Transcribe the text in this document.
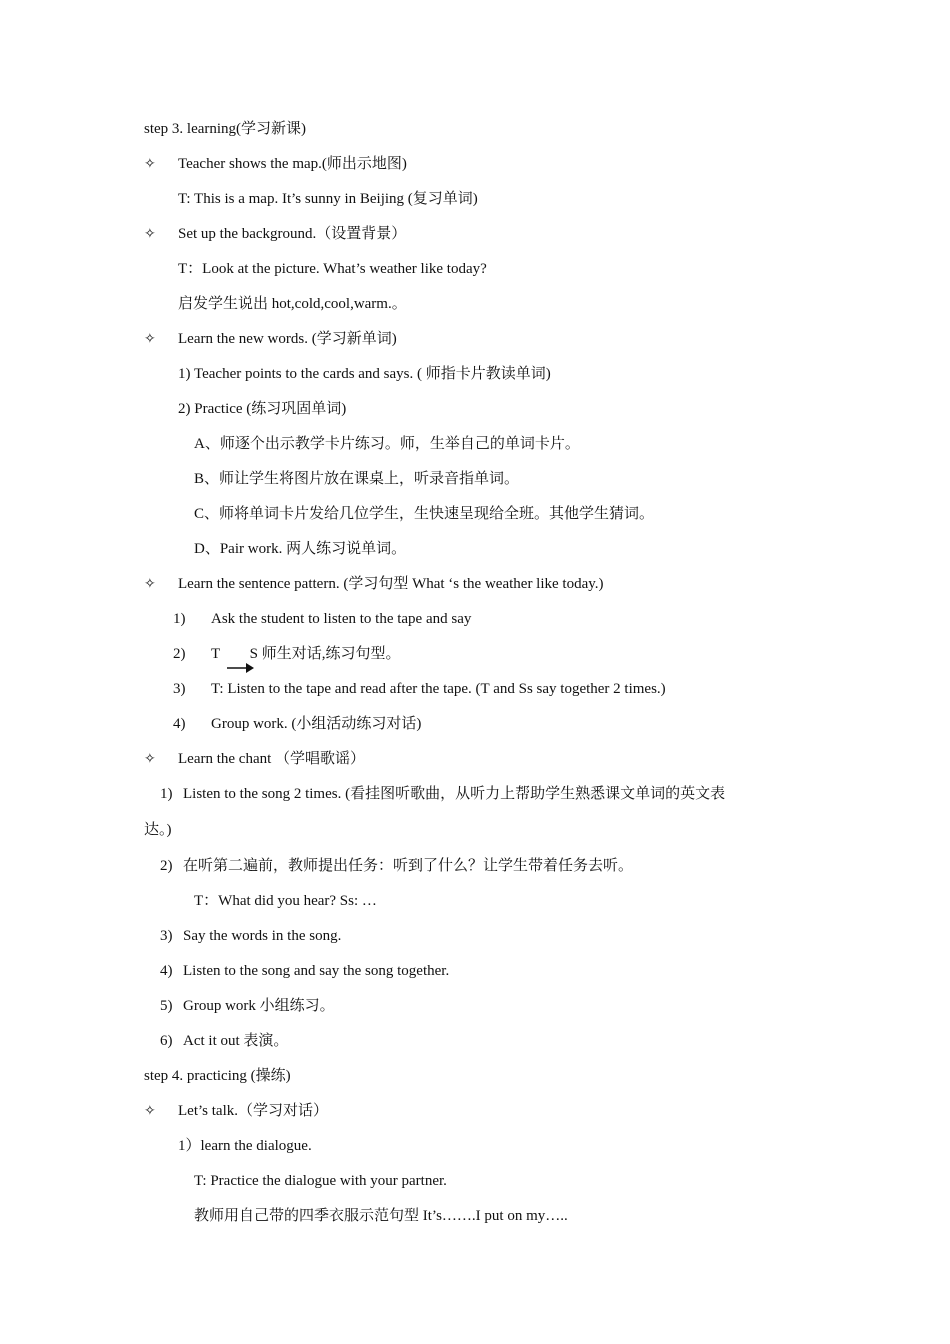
step 3. learning(学习新课)
✧ Teacher shows the map.(师出示地图)
T: This is a map. It’s sunny in Beijing (复习单词)
✧ Set up the background.（设置背景）
T：Look at the picture. What’s weather like today?
启发学生说出 hot,cold,cool,warm.。
✧ Learn the new words. (学习新单词)
1) Teacher points to the cards and says. ( 师指卡片教读单词)
2) Practice (练习巩固单词)
A、师逐个出示教学卡片练习。师，生举自己的单词卡片。
B、师让学生将图片放在课桌上，听录音指单词。
C、师将单词卡片发给几位学生，生快速呈现给全班。其他学生猜词。
D、Pair work. 两人练习说单词。
✧ Learn the sentence pattern. (学习句型 What ‘s the weather like today.)
1) Ask the student to listen to the tape and say
2) T S 师生对话,练习句型。
3) T: Listen to the tape and read after the tape. (T and Ss say together 2 times.)
4) Group work. (小组活动练习对话)
✧ Learn the chant （学唱歌谣）
1) Listen to the song 2 times. (看挂图听歌曲，从听力上帮助学生熟悉课文单词的英文表
达。)
2) 在听第二遍前，教师提出任务：听到了什么？让学生带着任务去听。
T：What did you hear? Ss: …
3) Say the words in the song.
4) Listen to the song and say the song together.
5) Group work 小组练习。
6) Act it out 表演。
step 4. practicing (操练)
✧ Let’s talk.（学习对话）
1）learn the dialogue.
T: Practice the dialogue with your partner.
教师用自己带的四季衣服示范句型 It’s…….I put on my…..
